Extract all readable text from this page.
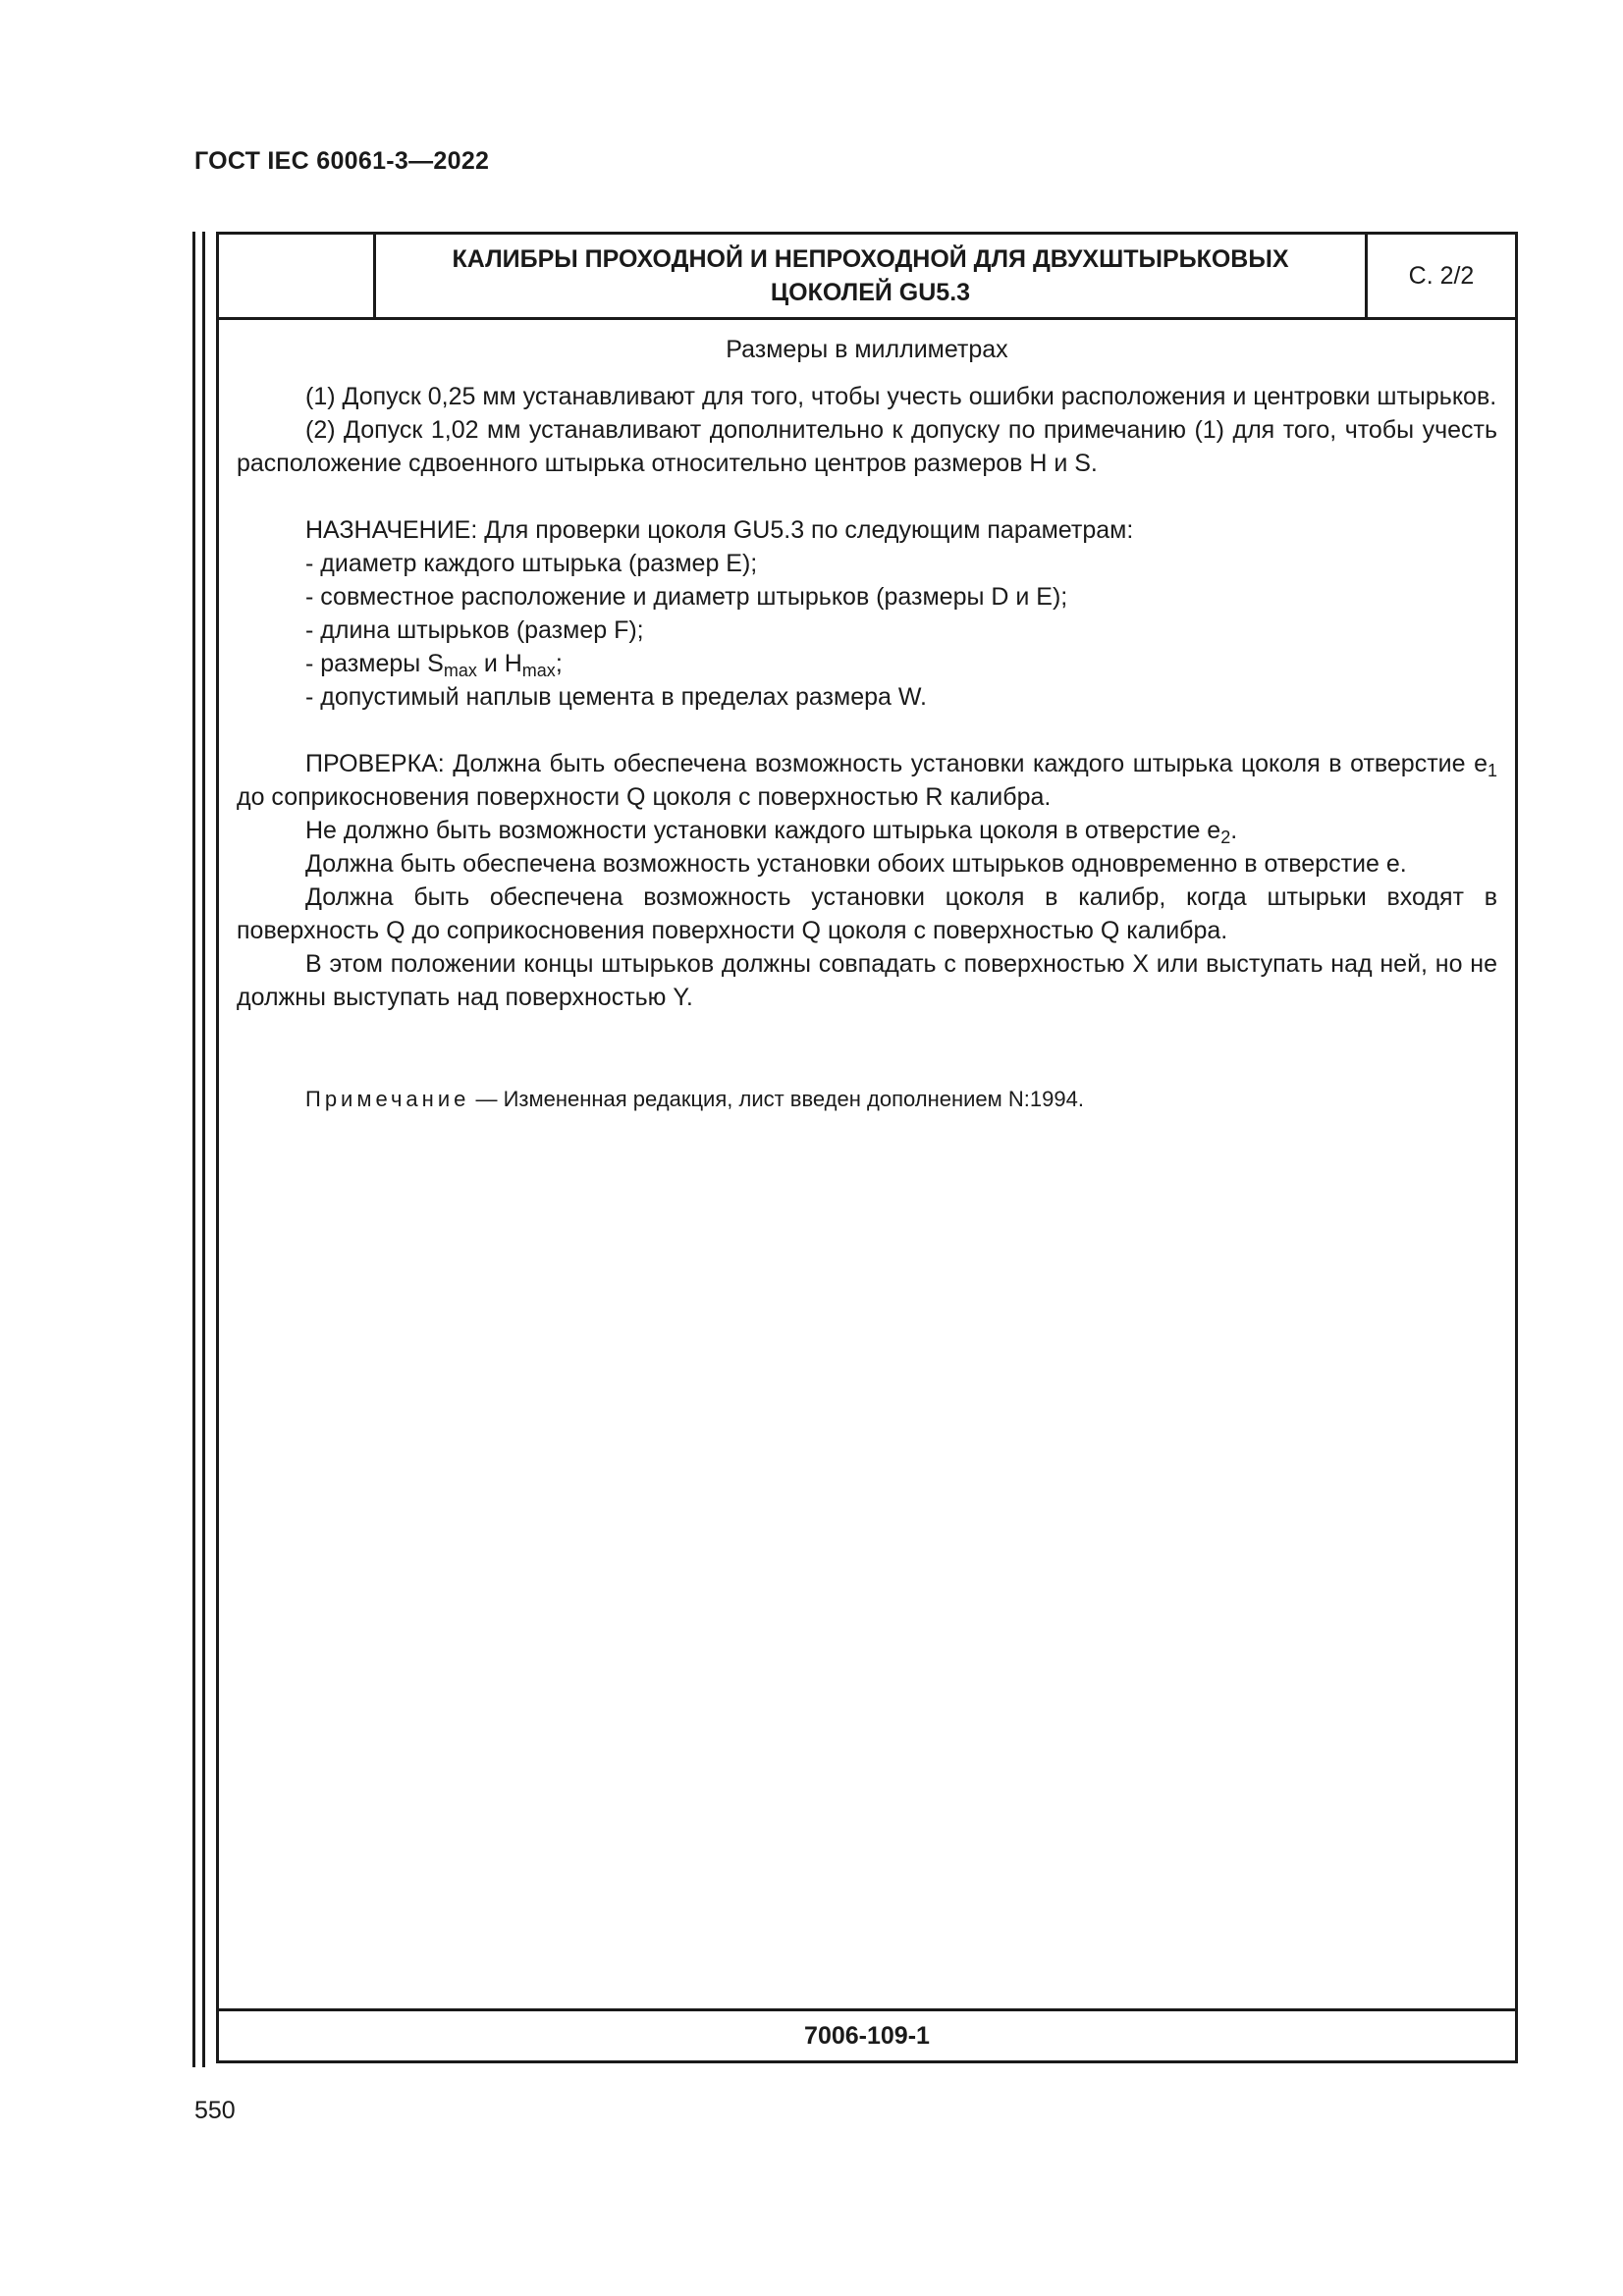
ГОСТ IEC 60061-3—2022
КАЛИБРЫ ПРОХОДНОЙ И НЕПРОХОДНОЙ ДЛЯ ДВУХШТЫРЬКОВЫХ
ЦОКОЛЕЙ GU5.3
С. 2/2
Размеры в миллиметрах

(1) Допуск 0,25 мм устанавливают для того, чтобы учесть ошибки расположения и центровки штырьков.

(2) Допуск 1,02 мм устанавливают дополнительно к допуску по примечанию (1) для того, чтобы учесть расположение сдвоенного штырька относительно центров размеров H и S.

НАЗНАЧЕНИЕ: Для проверки цоколя GU5.3 по следующим параметрам:

- диаметр каждого штырька (размер E);

- совместное расположение и диаметр штырьков (размеры D и E);

- длина штырьков (размер F);

- размеры $S_{max}$ и $H_{max}$;

- допустимый наплыв цемента в пределах размера W.

ПРОВЕРКА: Должна быть обеспечена возможность установки каждого штырька цоколя в отверстие $e_1$ до соприкосновения поверхности Q цоколя с поверхностью R калибра.

Не должно быть возможности установки каждого штырька цоколя в отверстие $e_2$.

Должна быть обеспечена возможность установки обоих штырьков одновременно в отверстие e.

Должна быть обеспечена возможность установки цоколя в калибр, когда штырьки входят в поверхность Q до соприкосновения поверхности Q цоколя с поверхностью Q калибра.

В этом положении концы штырьков должны совпадать с поверхностью X или выступать над ней, но не должны выступать над поверхностью Y.

Примечание — Измененная редакция, лист введен дополнением N:1994.

7006-109-1
550
